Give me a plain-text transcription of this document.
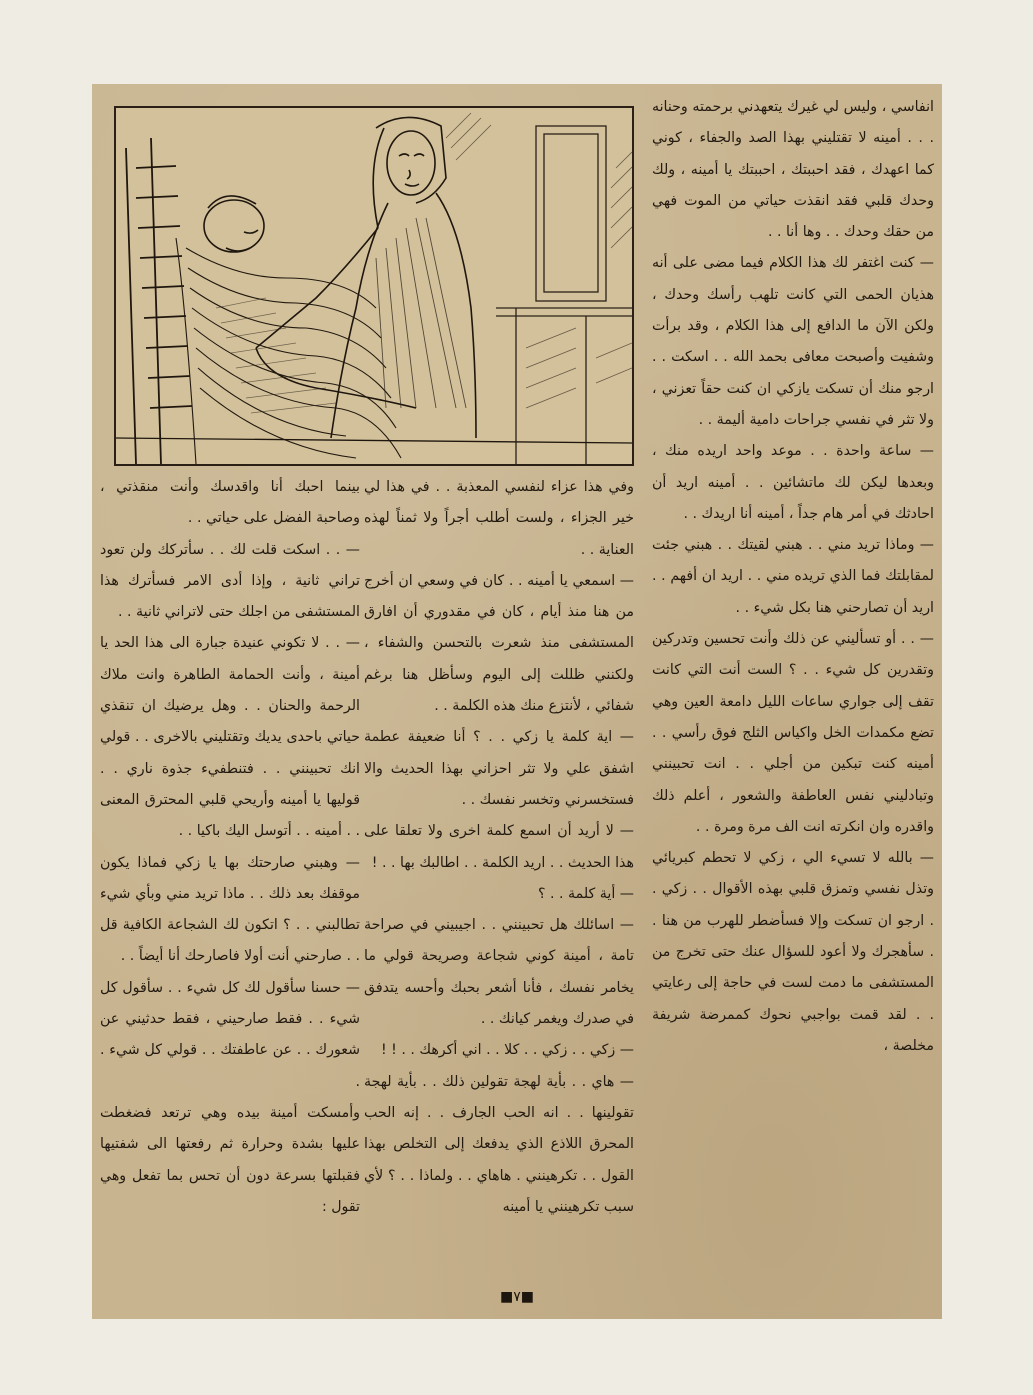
انفاسي ، وليس لي غيرك يتعهدني برحمته وحنانه . . . أمينه لا تقتليني بهذا الصد والجفاء ، كوني كما اعهدك ، فقد احببتك ، احببتك يا أمينه ، ولك وحدك قلبي فقد انقذت حياتي من الموت فهي من حقك وحدك . . وها أنا . .

— كنت اغتفر لك هذا الكلام فيما مضى على أنه هذيان الحمى التي كانت تلهب رأسك وحدك ، ولكن الآن ما الدافع إلى هذا الكلام ، وقد برأت وشفيت وأصبحت معافى بحمد الله . . اسكت . . ارجو منك أن تسكت يازكي ان كنت حقاً تعزني ، ولا تثر في نفسي جراحات دامية أليمة . .

— ساعة واحدة . . موعد واحد اريده منك ، وبعدها ليكن لك ماتشائين . . أمينه اريد أن احادثك في أمر هام جداً ، أمينه أنا اريدك . .

— وماذا تريد مني . . هبني لقيتك . . هبني جئت لمقابلتك فما الذي تريده مني . . اريد ان أفهم . . اريد أن تصارحني هنا بكل شيء . .

— . . أو تسأليني عن ذلك وأنت تحسين وتدركين وتقدرين كل شيء . . ؟ الست أنت التي كانت تقف إلى جواري ساعات الليل دامعة العين وهي تضع مكمدات الخل واكياس الثلج فوق رأسي . . أمينه كنت تبكين من أجلي . . انت تحبينني وتبادليني نفس العاطفة والشعور ، أعلم ذلك واقدره وان انكرته انت الف مرة ومرة . .

— بالله لا تسيء الي ، زكي لا تحطم كبريائي وتذل نفسي وتمزق قلبي بهذه الأقوال . . زكي . . ارجو ان تسكت وإلا فسأضطر للهرب من هنا . . سأهجرك ولا أعود للسؤال عنك حتى تخرج من المستشفى ما دمت لست في حاجة إلى رعايتي . . لقد قمت بواجبي نحوك كممرضة شريفة مخلصة ،

وفي هذا عزاء لنفسي المعذبة . . في هذا لي خير الجزاء ، ولست أطلب أجراً ولا ثمناً لهذه العناية . .

— اسمعي يا أمينه . . كان في وسعي ان أخرج من هنا منذ أيام ، كان في مقدوري أن افارق المستشفى منذ شعرت بالتحسن والشفاء ، ولكنني ظللت إلى اليوم وسأظل هنا برغم شفائي ، لأنتزع منك هذه الكلمة . .

— اية كلمة يا زكي . . ؟ أنا ضعيفة عطمة اشفق علي ولا تثر احزاني بهذا الحديث والا فستخسرني وتخسر نفسك . .

— لا أريد أن اسمع كلمة اخرى ولا تعلقا على هذا الحديث . . اريد الكلمة . . اطالبك بها . . !

— أية كلمة . . ؟

— اسائلك هل تحبينني . . اجيبيني في صراحة تامة ، أمينة كوني شجاعة وصريحة قولي ما يخامر نفسك ، فأنا أشعر بحبك وأحسه يتدفق في صدرك ويغمر كيانك . .

— زكي . . زكي . . كلا . . اني أكرهك . . ! !

— هاي . . بأية لهجة تقولين ذلك . . بأية لهجة تقولينها . . انه الحب الجارف . . إنه الحب المحرق اللاذع الذي يدفعك إلى التخلص بهذا القول . . تكرهينني . هاهاي . . ولماذا . . ؟ لأي سبب تكرهينني يا أمينه

بينما احبك أنا واقدسك وأنت منقذتي ، وصاحبة الفضل على حياتي . .

— . . اسكت قلت لك . . سأتركك ولن تعود تراني ثانية ، وإذا أدى الامر فسأترك هذا المستشفى من اجلك حتى لاتراني ثانية . .

— . . لا تكوني عنيدة جبارة الى هذا الحد يا أمينة ، وأنت الحمامة الطاهرة وانت ملاك الرحمة والحنان . . وهل يرضيك ان تنقذي حياتي باحدى يديك وتقتليني بالاخرى . . قولي انك تحبينني . . فتنطفيء جذوة ناري . . قوليها يا أمينه وأريحي قلبي المحترق المعنى . . أمينه . . أتوسل اليك باكيا . .

— وهبني صارحتك بها يا زكي فماذا يكون موقفك بعد ذلك . . ماذا تريد مني وبأي شيء تطالبني . . ؟ اتكون لك الشجاعة الكافية قل . . صارحني أنت أولا فاصارحك أنا أيضاً . .

— حسنا سأقول لك كل شيء . . سأقول كل شيء . . فقط صارحيني ، فقط حدثيني عن شعورك . . عن عاطفتك . . قولي كل شيء . .

وأمسكت أمينة بيده وهي ترتعد فضغطت عليها بشدة وحرارة ثم رفعتها الى شفتيها فقبلتها بسرعة دون أن تحس بما تفعل وهي تقول :

■٧■
